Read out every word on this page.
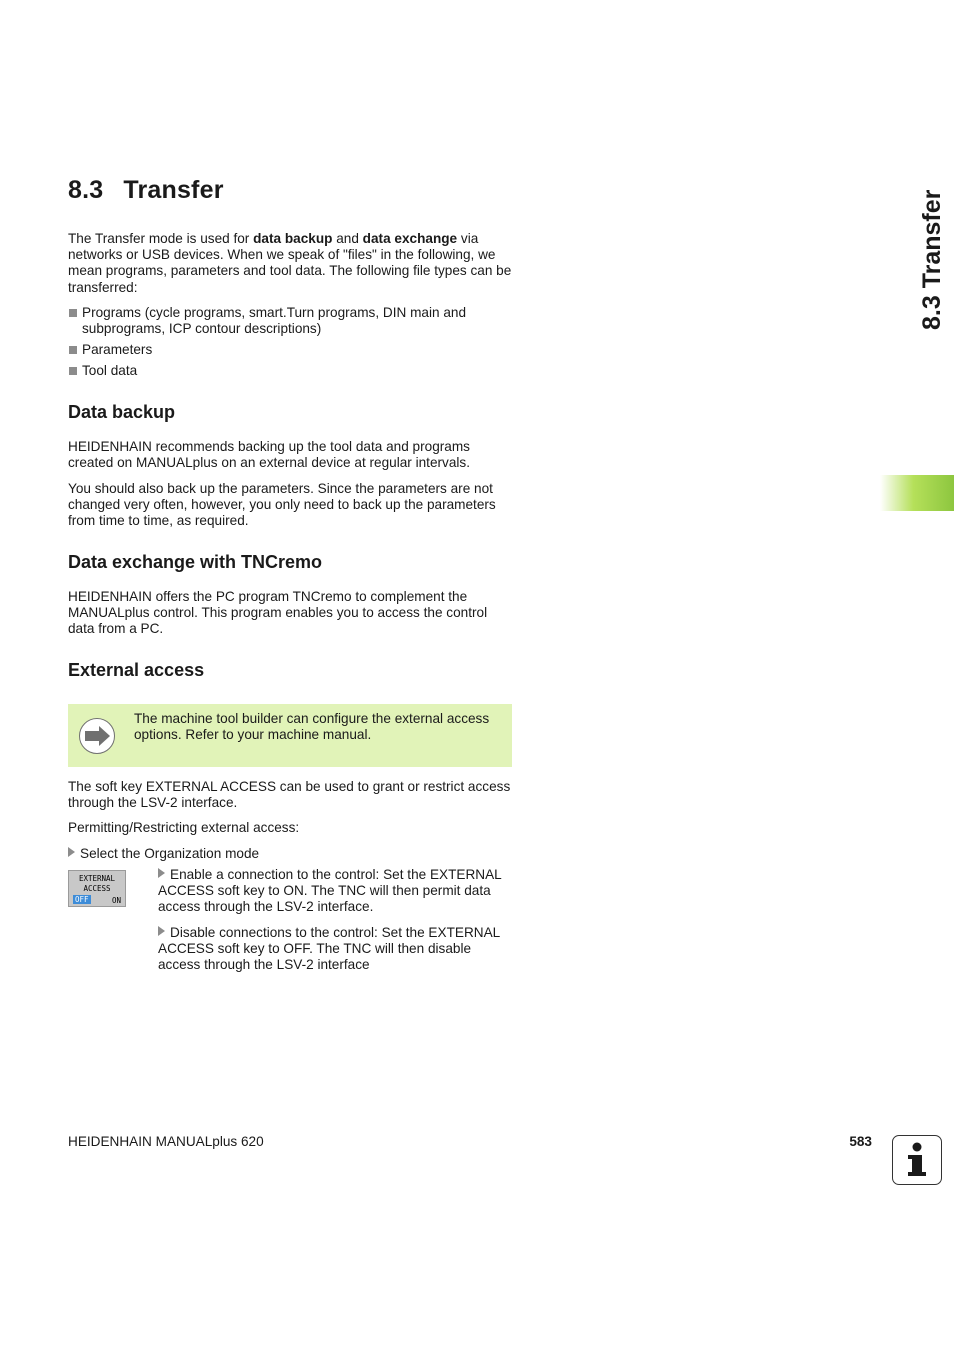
8.3 Transfer

The Transfer mode is used for data backup and data exchange via networks or USB devices. When we speak of "files" in the following, we mean programs, parameters and tool data. The following file types can be transferred:

Programs (cycle programs, smart.Turn programs, DIN main and subprograms, ICP contour descriptions)
Parameters
Tool data
Data backup

HEIDENHAIN recommends backing up the tool data and programs created on MANUALplus on an external device at regular intervals.

You should also back up the parameters. Since the parameters are not changed very often, however, you only need to back up the parameters from time to time, as required.

Data exchange with TNCremo

HEIDENHAIN offers the PC program TNCremo to complement the MANUALplus control. This program enables you to access the control data from a PC.

External access
The machine tool builder can configure the external access options. Refer to your machine manual.

The soft key EXTERNAL ACCESS can be used to grant or restrict access through the LSV-2 interface.

Permitting/Restricting external access:

Select the Organization mode

EXTERNAL
ACCESS
OFF	ON

Enable a connection to the control: Set the EXTERNAL ACCESS soft key to ON. The TNC will then permit data access through the LSV-2 interface.

Disable connections to the control: Set the EXTERNAL ACCESS soft key to OFF. The TNC will then disable access through the LSV-2 interface

8.3 Transfer
HEIDENHAIN MANUALplus 620	583
